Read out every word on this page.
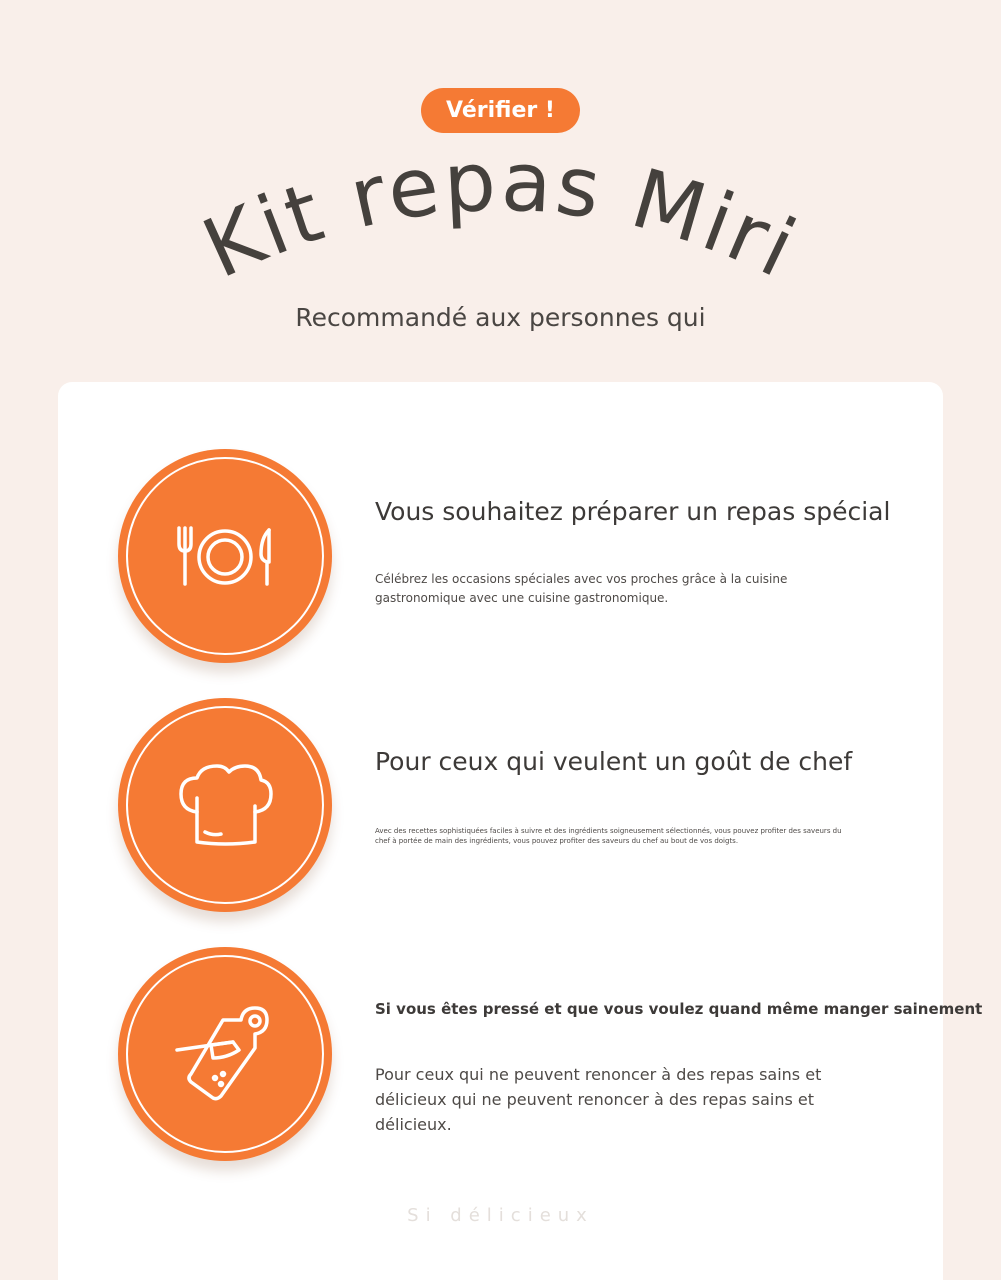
Vérifier !
Kit repas Miri
Recommandé aux personnes qui
Vous souhaitez préparer un repas spécial
Célébrez les occasions spéciales avec vos proches grâce à la cuisine gastronomique avec une cuisine gastronomique.
Pour ceux qui veulent un goût de chef
Avec des recettes sophistiquées faciles à suivre et des ingrédients soigneusement sélectionnés, vous pouvez profiter des saveurs du chef à portée de main des ingrédients, vous pouvez profiter des saveurs du chef au bout de vos doigts.
Si vous êtes pressé et que vous voulez quand même manger sainement
Pour ceux qui ne peuvent renoncer à des repas sains et délicieux qui ne peuvent renoncer à des repas sains et délicieux.
Si délicieux
